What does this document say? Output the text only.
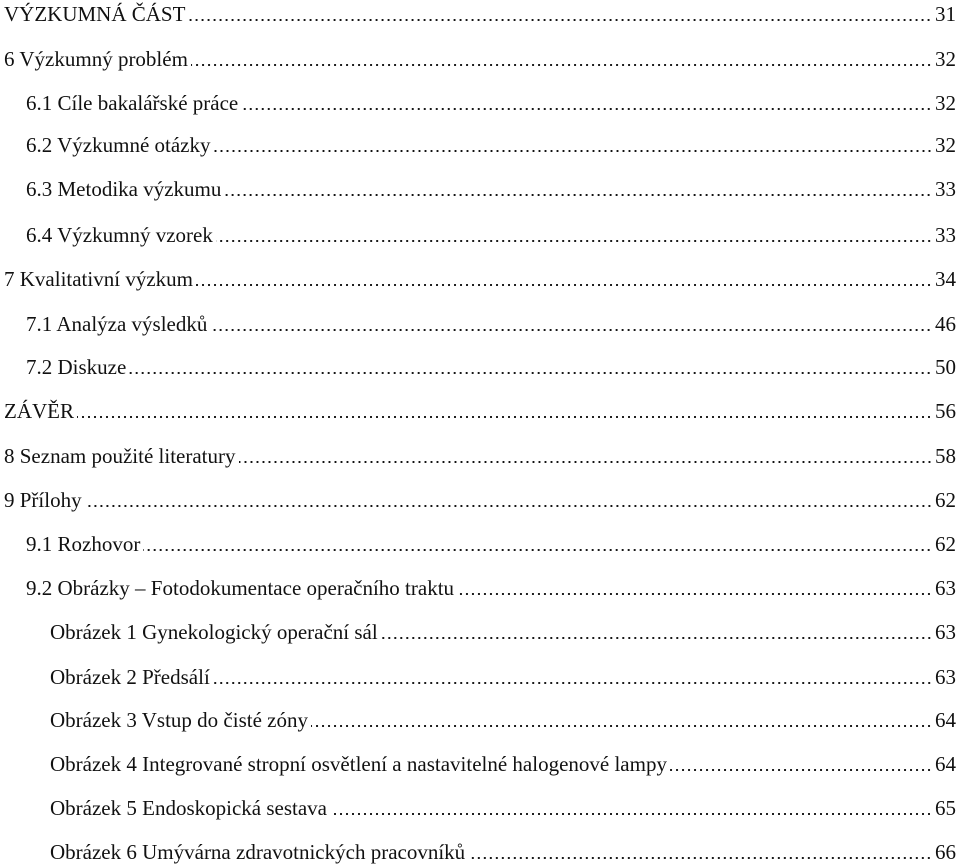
VÝZKUMNÁ ČÁST	31
6 Výzkumný problém	32
6.1 Cíle bakalářské práce	32
6.2 Výzkumné otázky	32
6.3 Metodika výzkumu	33
6.4 Výzkumný vzorek	33
7 Kvalitativní výzkum	34
7.1 Analýza výsledků	46
7.2 Diskuze	50
ZÁVĚR	56
8 Seznam použité literatury	58
9 Přílohy	62
9.1 Rozhovor	62
9.2 Obrázky – Fotodokumentace operačního traktu	63
Obrázek 1 Gynekologický operační sál	63
Obrázek 2 Předsálí	63
Obrázek 3 Vstup do čisté zóny	64
Obrázek 4 Integrované stropní osvětlení a nastavitelné halogenové lampy	64
Obrázek 5 Endoskopická sestava	65
Obrázek 6 Umývárna zdravotnických pracovníků	66
